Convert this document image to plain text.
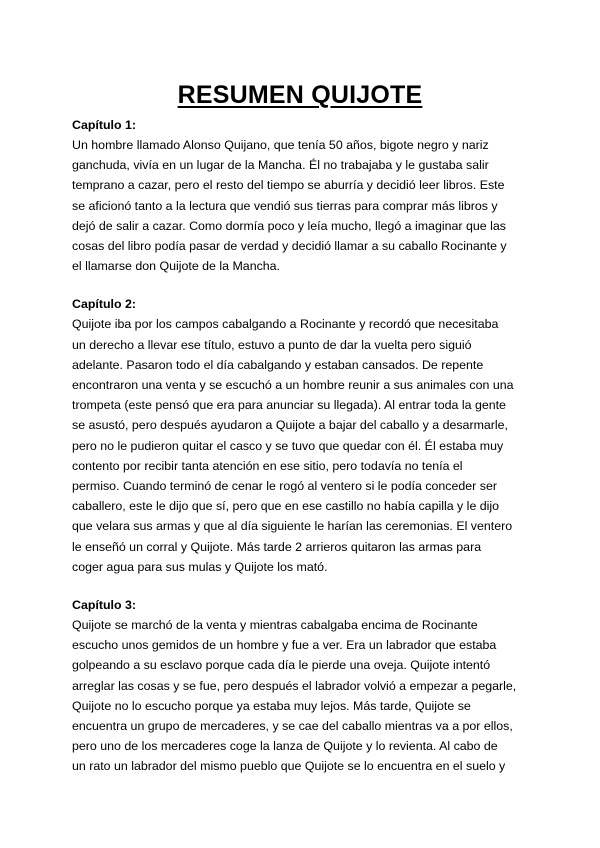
RESUMEN QUIJOTE

Capítulo 1:

Un hombre llamado Alonso Quijano, que tenía 50 años, bigote negro y nariz
ganchuda, vivía en un lugar de la Mancha. Él no trabajaba y le gustaba salir
temprano a cazar, pero el resto del tiempo se aburría y decidió leer libros. Este
se aficionó tanto a la lectura que vendió sus tierras para comprar más libros y
dejó de salir a cazar. Como dormía poco y leía mucho, llegó a imaginar que las
cosas del libro podía pasar de verdad y decidió llamar a su caballo Rocinante y
el llamarse don Quijote de la Mancha.

Capítulo 2:

Quijote iba por los campos cabalgando a Rocinante y recordó que necesitaba
un derecho a llevar ese título, estuvo a punto de dar la vuelta pero siguió
adelante. Pasaron todo el día cabalgando y estaban cansados. De repente
encontraron una venta y se escuchó a un hombre reunir a sus animales con una
trompeta (este pensó que era para anunciar su llegada). Al entrar toda la gente
se asustó, pero después ayudaron a Quijote a bajar del caballo y a desarmarle,
pero no le pudieron quitar el casco y se tuvo que quedar con él. Él estaba muy
contento por recibir tanta atención en ese sitio, pero todavía no tenía el
permiso. Cuando terminó de cenar le rogó al ventero si le podía conceder ser
caballero, este le dijo que sí, pero que en ese castillo no había capilla y le dijo
que velara sus armas y que al día siguiente le harían las ceremonias. El ventero
le enseñó un corral y Quijote. Más tarde 2 arrieros quitaron las armas para
coger agua para sus mulas y Quijote los mató.

Capítulo 3:

Quijote se marchó de la venta y mientras cabalgaba encima de Rocinante
escucho unos gemidos de un hombre y fue a ver. Era un labrador que estaba
golpeando a su esclavo porque cada día le pierde una oveja. Quijote intentó
arreglar las cosas y se fue, pero después el labrador volvió a empezar a pegarle,
Quijote no lo escucho porque ya estaba muy lejos. Más tarde, Quijote se
encuentra un grupo de mercaderes, y se cae del caballo mientras va a por ellos,
pero uno de los mercaderes coge la lanza de Quijote y lo revienta. Al cabo de
un rato un labrador del mismo pueblo que Quijote se lo encuentra en el suelo y
